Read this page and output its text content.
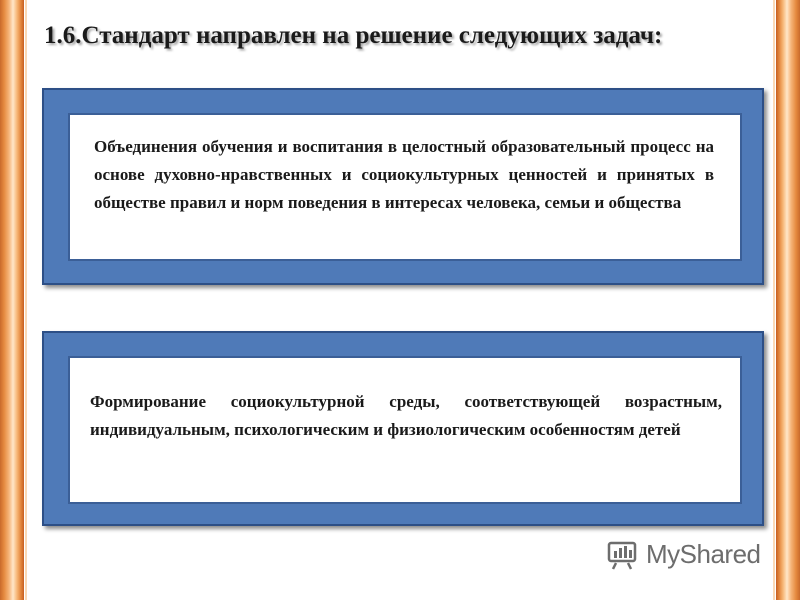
1.6.Стандарт направлен на решение следующих задач:

Объединения обучения и воспитания в целостный образовательный процесс на основе духовно-нравственных и социокультурных ценностей и принятых в обществе правил и норм поведения в интересах человека, семьи и общества

Формирование социокультурной среды, соответствующей возрастным, индивидуальным, психологическим и физиологическим особенностям детей

MyShared
